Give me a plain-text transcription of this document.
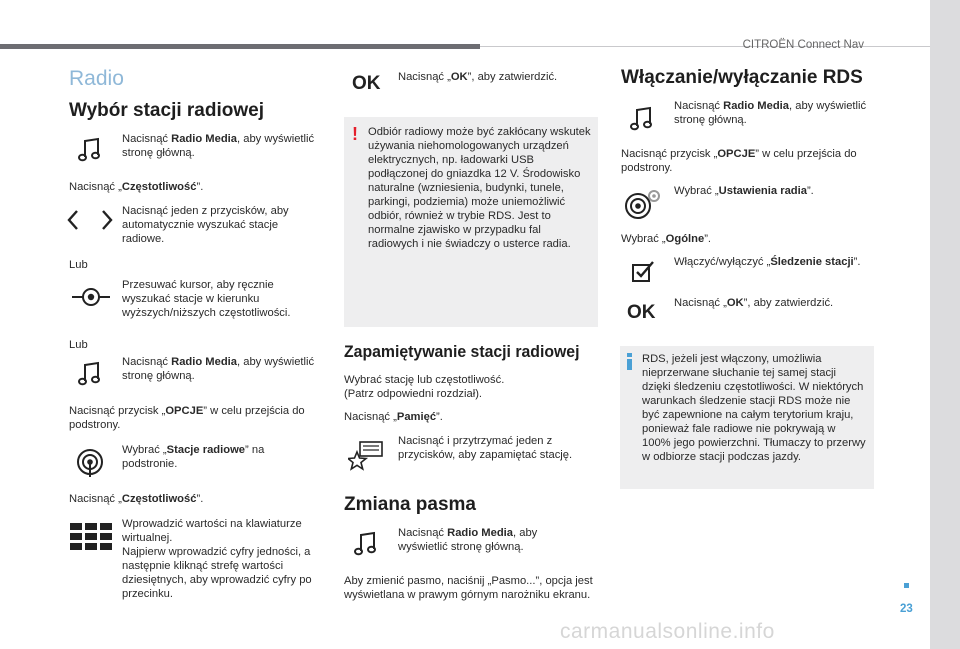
CITROËN Connect Nav
23
carmanualsonline.info
Radio
Wybór stacji radiowej
Nacisnąć Radio Media, aby wyświetlić stronę główną.
Nacisnąć „Częstotliwość”.
Nacisnąć jeden z przycisków, aby automatycznie wyszukać stacje radiowe.
Lub
Przesuwać kursor, aby ręcznie wyszukać stacje w kierunku wyższych/niższych częstotliwości.
Lub
Nacisnąć Radio Media, aby wyświetlić stronę główną.
Nacisnąć przycisk „OPCJE” w celu przejścia do podstrony.
Wybrać „Stacje radiowe” na podstronie.
Nacisnąć „Częstotliwość”.
Wprowadzić wartości na klawiaturze wirtualnej.
Najpierw wprowadzić cyfry jedności, a następnie kliknąć strefę wartości dziesiętnych, aby wprowadzić cyfry po przecinku.
OK Nacisnąć „OK”, aby zatwierdzić.
! Odbiór radiowy może być zakłócany wskutek używania niehomologowanych urządzeń elektrycznych, np. ładowarki USB podłączonej do gniazdka 12 V. Środowisko naturalne (wzniesienia, budynki, tunele, parkingi, podziemia) może uniemożliwić odbiór, również w trybie RDS. Jest to normalne zjawisko w przypadku fal radiowych i nie świadczy o usterce radia.
Zapamiętywanie stacji radiowej
Wybrać stację lub częstotliwość.
(Patrz odpowiedni rozdział).
Nacisnąć „Pamięć”.
Nacisnąć i przytrzymać jeden z przycisków, aby zapamiętać stację.
Zmiana pasma
Nacisnąć Radio Media, aby wyświetlić stronę główną.
Aby zmienić pasmo, naciśnij „Pasmo...”, opcja jest wyświetlana w prawym górnym narożniku ekranu.
Włączanie/wyłączanie RDS
Nacisnąć Radio Media, aby wyświetlić stronę główną.
Nacisnąć przycisk „OPCJE” w celu przejścia do podstrony.
Wybrać „Ustawienia radia”.
Wybrać „Ogólne”.
Włączyć/wyłączyć „Śledzenie stacji”.
OK Nacisnąć „OK”, aby zatwierdzić.
RDS, jeżeli jest włączony, umożliwia nieprzerwane słuchanie tej samej stacji dzięki śledzeniu częstotliwości. W niektórych warunkach śledzenie stacji RDS może nie być zapewnione na całym terytorium kraju, ponieważ fale radiowe nie pokrywają w 100% jego powierzchni. Tłumaczy to przerwy w odbiorze stacji podczas jazdy.
